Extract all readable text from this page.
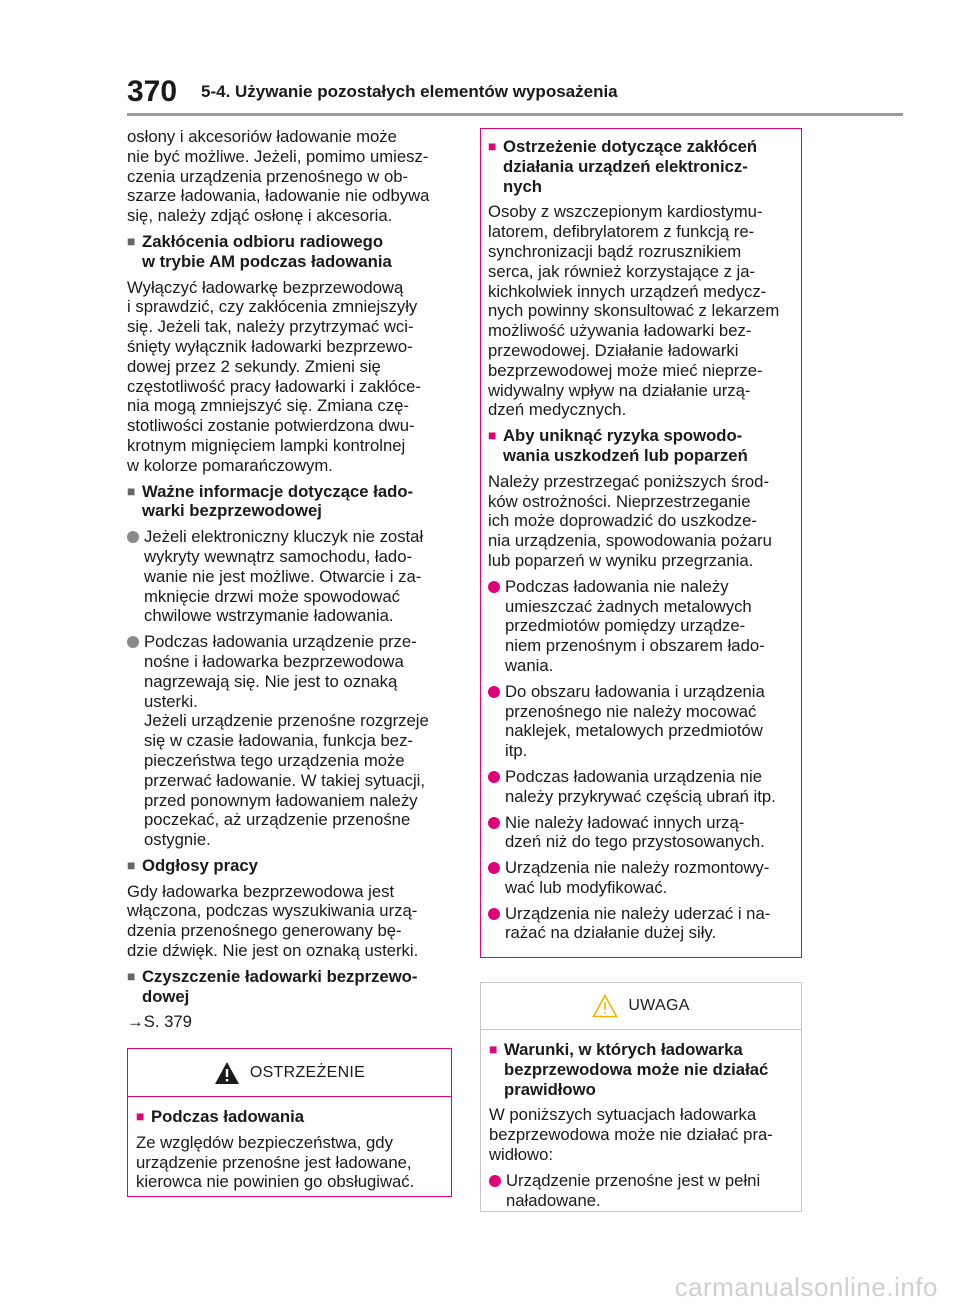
370 5-4. Używanie pozostałych elementów wyposażenia

osłony i akcesoriów ładowanie może
nie być możliwe. Jeżeli, pomimo umiesz-
czenia urządzenia przenośnego w ob-
szarze ładowania, ładowanie nie odbywa
się, należy zdjąć osłonę i akcesoria.

■ Zakłócenia odbioru radiowego
w trybie AM podczas ładowania

Wyłączyć ładowarkę bezprzewodową
i sprawdzić, czy zakłócenia zmniejszyły
się. Jeżeli tak, należy przytrzymać wci-
śnięty wyłącznik ładowarki bezprzewo-
dowej przez 2 sekundy. Zmieni się
częstotliwość pracy ładowarki i zakłóce-
nia mogą zmniejszyć się. Zmiana czę-
stotliwości zostanie potwierdzona dwu-
krotnym mignięciem lampki kontrolnej
w kolorze pomarańczowym.

■ Ważne informacje dotyczące łado-
warki bezprzewodowej
Jeżeli elektroniczny kluczyk nie został
wykryty wewnątrz samochodu, łado-
wanie nie jest możliwe. Otwarcie i za-
mknięcie drzwi może spowodować
chwilowe wstrzymanie ładowania.
Podczas ładowania urządzenie prze-
nośne i ładowarka bezprzewodowa
nagrzewają się. Nie jest to oznaką
usterki.
Jeżeli urządzenie przenośne rozgrzeje
się w czasie ładowania, funkcja bez-
pieczeństwa tego urządzenia może
przerwać ładowanie. W takiej sytuacji,
przed ponownym ładowaniem należy
poczekać, aż urządzenie przenośne
ostygnie.
■ Odgłosy pracy

Gdy ładowarka bezprzewodowa jest
włączona, podczas wyszukiwania urzą-
dzenia przenośnego generowany bę-
dzie dźwięk. Nie jest on oznaką usterki.

■ Czyszczenie ładowarki bezprzewo-
dowej

→S. 379

OSTRZEŻENIE
■ Podczas ładowania

Ze względów bezpieczeństwa, gdy
urządzenie przenośne jest ładowane,
kierowca nie powinien go obsługiwać.

■ Ostrzeżenie dotyczące zakłóceń
działania urządzeń elektronicz-
nych

Osoby z wszczepionym kardiostymu-
latorem, defibrylatorem z funkcją re-
synchronizacji bądź rozrusznikiem
serca, jak również korzystające z ja-
kichkolwiek innych urządzeń medycz-
nych powinny skonsultować z lekarzem
możliwość używania ładowarki bez-
przewodowej. Działanie ładowarki
bezprzewodowej może mieć nieprze-
widywalny wpływ na działanie urzą-
dzeń medycznych.

■ Aby uniknąć ryzyka spowodo-
wania uszkodzeń lub poparzeń

Należy przestrzegać poniższych środ-
ków ostrożności. Nieprzestrzeganie
ich może doprowadzić do uszkodze-
nia urządzenia, spowodowania pożaru
lub poparzeń w wyniku przegrzania.

Podczas ładowania nie należy
umieszczać żadnych metalowych
przedmiotów pomiędzy urządze-
niem przenośnym i obszarem łado-
wania.
Do obszaru ładowania i urządzenia
przenośnego nie należy mocować
naklejek, metalowych przedmiotów
itp.
Podczas ładowania urządzenia nie
należy przykrywać częścią ubrań itp.
Nie należy ładować innych urzą-
dzeń niż do tego przystosowanych.
Urządzenia nie należy rozmontowy-
wać lub modyfikować.
Urządzenia nie należy uderzać i na-
rażać na działanie dużej siły.
UWAGA
■ Warunki, w których ładowarka
bezprzewodowa może nie działać
prawidłowo

W poniższych sytuacjach ładowarka
bezprzewodowa może nie działać pra-
widłowo:

Urządzenie przenośne jest w pełni
naładowane.
carmanualsonline.info
